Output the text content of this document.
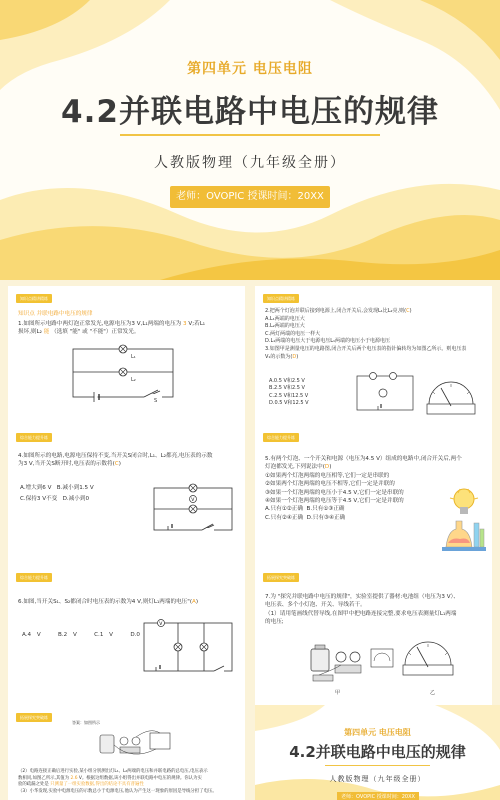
第四单元 电压电阻
4.2并联电路中电压的规律
人教版物理（九年级全册）
老师：OVOPIC 授课时间：20XX
知识点精讲精练
知识点 并联电路中电压的规律
1.如图所示电路中两灯泡正常发光,电源电压为3 V,L₁两端的电压为 3 V;若L₁
损坏,则L₂ 能 （选填 "能" 或 "不能"）正常发光。
L₁
L₂
S
知识点精讲精练
2.把两个灯泡并联后接到电源上,闭合开关后,会发现L₁比L₂亮,则(C)
A.L₁两端的电压大
B.L₂两端的电压大
C.两灯两端的电压一样大
D.L₁两端的电压大于电源电压L₁两端的电压小于电源电压
3.如图甲是测量电压的电路图,闭合开关后两个电压表的指针偏转均为如图乙所示。则电压表
V₁的示数为(D)
A.0.5 V和2.5 V
B.2.5 V和2.5 V
C.2.5 V和12.5 V
D.0.5 V和12.5 V
综合能力提升练
4.如图所示的电路,电源电压保持不变,当开关S闭合时,L₁、L₂都亮,电压表的示数
为3 V,当开关S断开时,电压表的示数将(C)
A.增大到6 V B.减小到1.5 V
C.保持3 V不变 D.减小到0	V
综合能力提升练
5.有两个灯泡、一个开关和电源（电压为4.5 V）组成的电路中,闭合开关后,两个
灯泡都发光,下列说法中(D)
①如果两个灯泡两端的电压相等,它们一定是串联的
②如果两个灯泡两端的电压不相等,它们一定是并联的
③如果一个灯泡两端的电压小于4.5 V,它们一定是串联的
④如果一个灯泡两端的电压等于4.5 V,它们一定是并联的
A.只有①②正确 B.只有①③正确
C.只有②④正确 D.只有③④正确
综合能力提升练
6.如图,当开关S₁、S₂都闭合时电压表的示数为4 V,则灯L₁两端的电压"(A)
A.4 V	B.2 V	C.1 V	D.0
V
拓展探究突破练
7.为 "探究并联电路中电压的规律"，实验室提供了器材:电池组（电压为3 V）、
电压表、多个小灯泡、开关、导线若干。
（1）请用笔画线代替导线,在图甲中把电路连接完整,要求电压表测量灯L₁两端
的电压;
甲	乙
拓展探究突破练
答案：如图所示
（2）电路连接正确后进行实验,某小组分别测出灯L₁、L₂两端的电压和并联电路的总电压,电压表示
数相同,如图乙所示,其值为 2.6 V。根据这组数据,该小组得出并联电路中电压的规律。你认为实
验的疏漏之处是 只测量了一组实验数据,得出的结论不具有普遍性
（3）小华发现,实验中电源电压的示数总小于电源电压,他认为产生这一现象的原因是导线分担了电压。
第四单元 电压电阻
4.2并联电路中电压的规律
人教版物理（九年级全册）
老师：OVOPIC 授课时间：20XX
